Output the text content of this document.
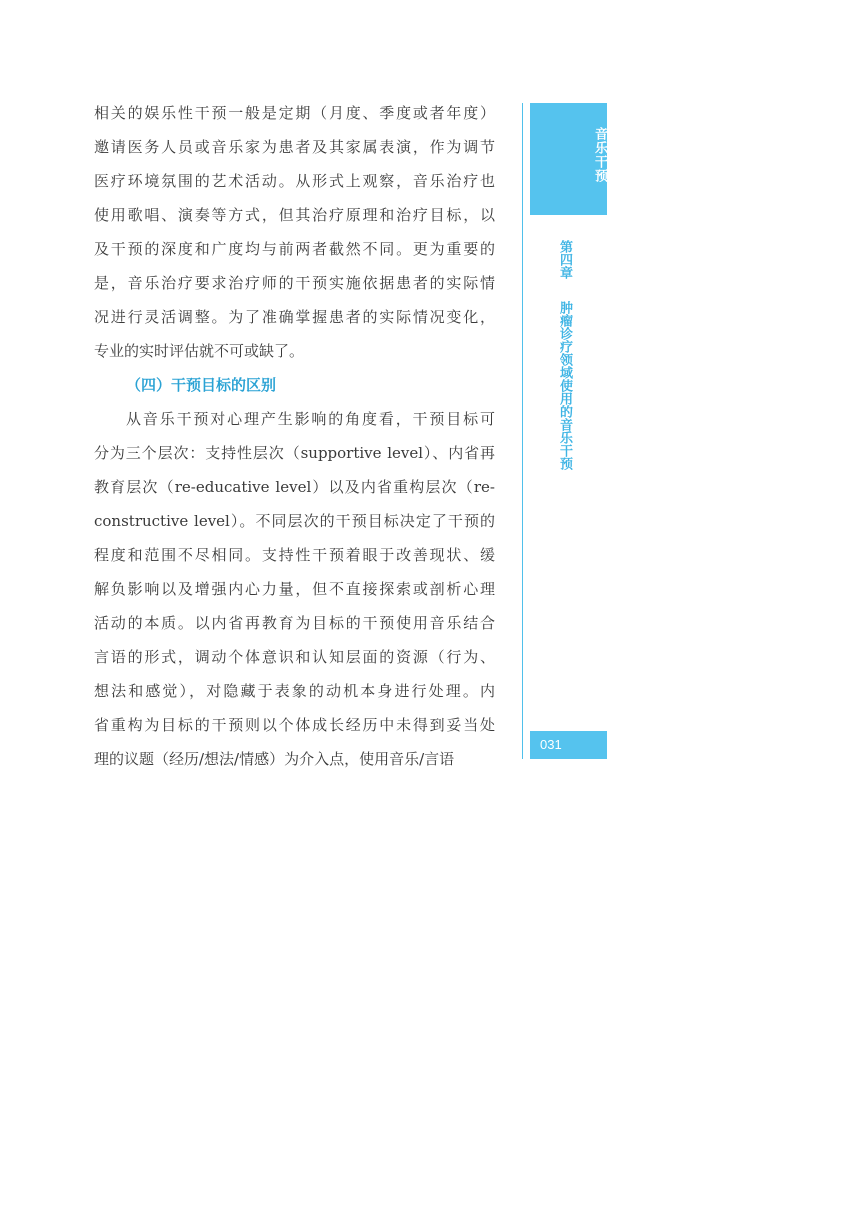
相关的娱乐性干预一般是定期（月度、季度或者年度）
邀请医务人员或音乐家为患者及其家属表演，作为调节
医疗环境氛围的艺术活动。从形式上观察，音乐治疗也
使用歌唱、演奏等方式，但其治疗原理和治疗目标，以
及干预的深度和广度均与前两者截然不同。更为重要的
是，音乐治疗要求治疗师的干预实施依据患者的实际情
况进行灵活调整。为了准确掌握患者的实际情况变化，
专业的实时评估就不可或缺了。
（四）干预目标的区别
从音乐干预对心理产生影响的角度看，干预目标可
分为三个层次：支持性层次（supportive level）、内省再
教育层次（re-educative level）以及内省重构层次（re-
constructive level）。不同层次的干预目标决定了干预的
程度和范围不尽相同。支持性干预着眼于改善现状、缓
解负影响以及增强内心力量，但不直接探索或剖析心理
活动的本质。以内省再教育为目标的干预使用音乐结合
言语的形式，调动个体意识和认知层面的资源（行为、
想法和感觉），对隐藏于表象的动机本身进行处理。内
省重构为目标的干预则以个体成长经历中未得到妥当处
理的议题（经历/想法/情感）为介入点，使用音乐/言语
音乐干预
第四章肿瘤诊疗领域使用的音乐干预
031
